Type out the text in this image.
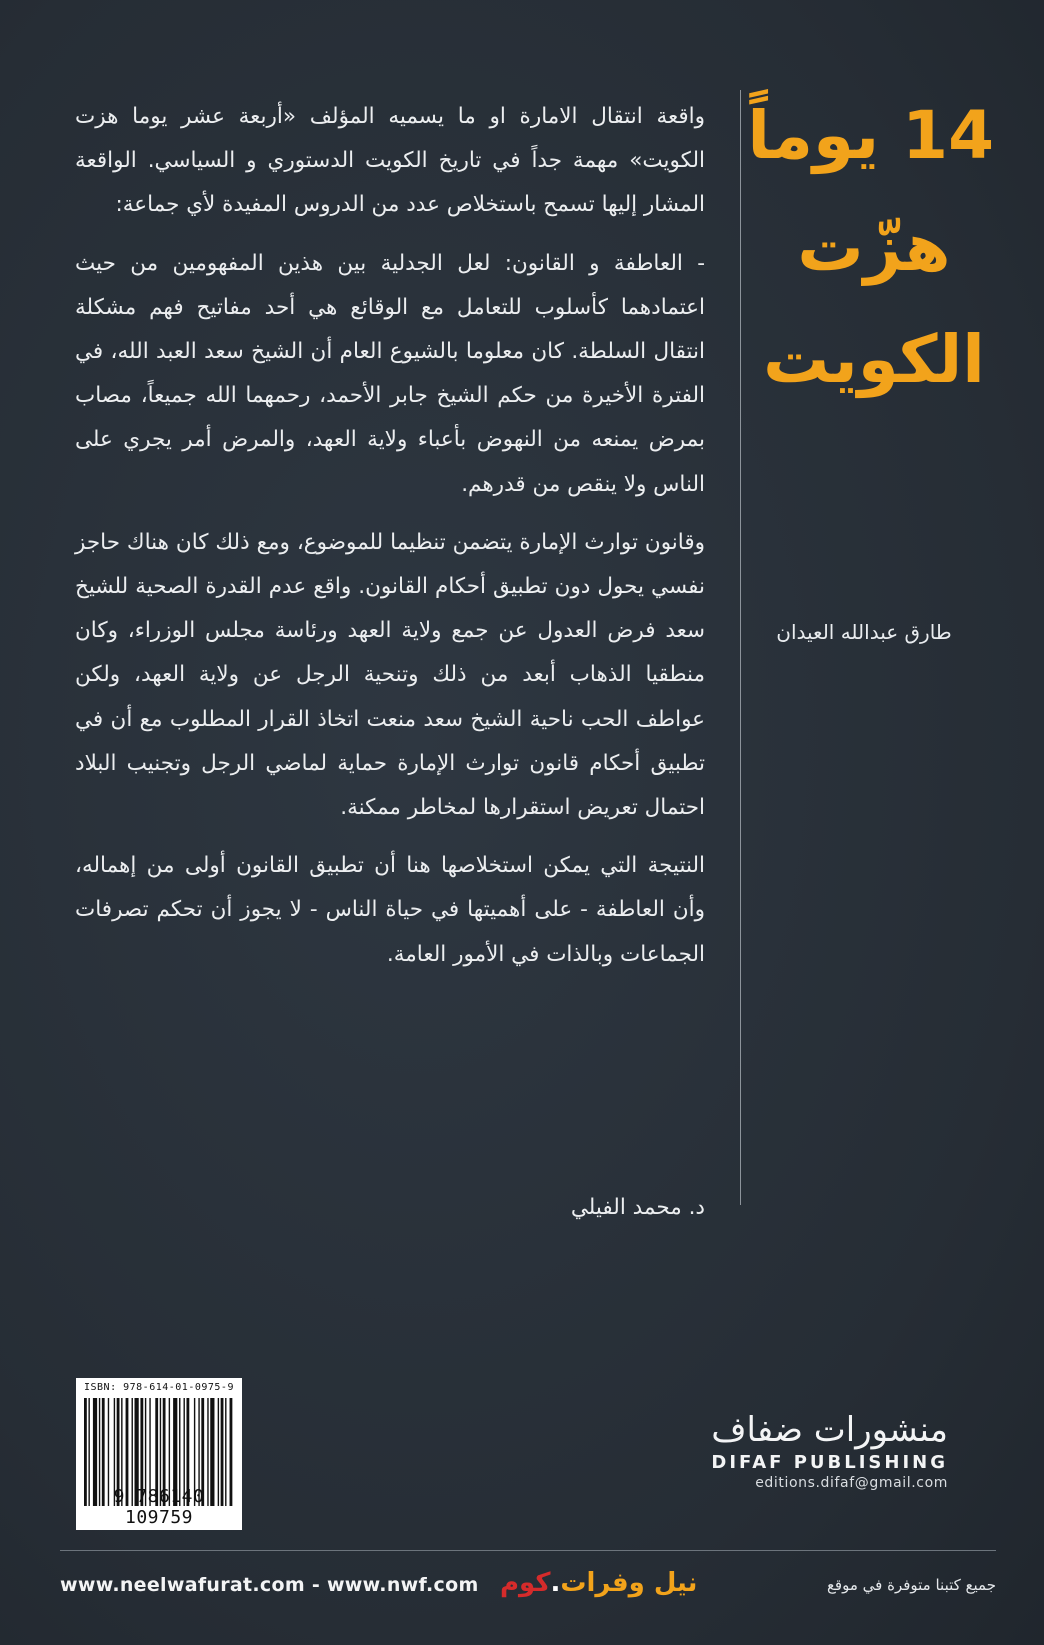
14 يوماً
هزّت
الكويت
طارق عبدالله العيدان

واقعة انتقال الامارة او ما يسميه المؤلف «أربعة عشر يوما هزت الكويت» مهمة جداً في تاريخ الكويت الدستوري و السياسي. الواقعة المشار إليها تسمح باستخلاص عدد من الدروس المفيدة لأي جماعة:

- العاطفة و القانون: لعل الجدلية بين هذين المفهومين من حيث اعتمادهما كأسلوب للتعامل مع الوقائع هي أحد مفاتيح فهم مشكلة انتقال السلطة. كان معلوما بالشيوع العام أن الشيخ سعد العبد الله، في الفترة الأخيرة من حكم الشيخ جابر الأحمد، رحمهما الله جميعاً، مصاب بمرض يمنعه من النهوض بأعباء ولاية العهد، والمرض أمر يجري على الناس ولا ينقص من قدرهم.

وقانون توارث الإمارة يتضمن تنظيما للموضوع، ومع ذلك كان هناك حاجز نفسي يحول دون تطبيق أحكام القانون. واقع عدم القدرة الصحية للشيخ سعد فرض العدول عن جمع ولاية العهد ورئاسة مجلس الوزراء، وكان منطقيا الذهاب أبعد من ذلك وتنحية الرجل عن ولاية العهد، ولكن عواطف الحب ناحية الشيخ سعد منعت اتخاذ القرار المطلوب مع أن في تطبيق أحكام قانون توارث الإمارة حماية لماضي الرجل وتجنيب البلاد احتمال تعريض استقرارها لمخاطر ممكنة.

النتيجة التي يمكن استخلاصها هنا أن تطبيق القانون أولى من إهماله، وأن العاطفة - على أهميتها في حياة الناس - لا يجوز أن تحكم تصرفات الجماعات وبالذات في الأمور العامة.

د. محمد الفيلي
ISBN: 978-614-01-0975-9
9 786140 109759
منشورات ضفاف
DIFAF PUBLISHING
editions.difaf@gmail.com
www.neelwafurat.com - www.nwf.com	نيل وفرات.كوم	جميع كتبنا متوفرة في موقع
